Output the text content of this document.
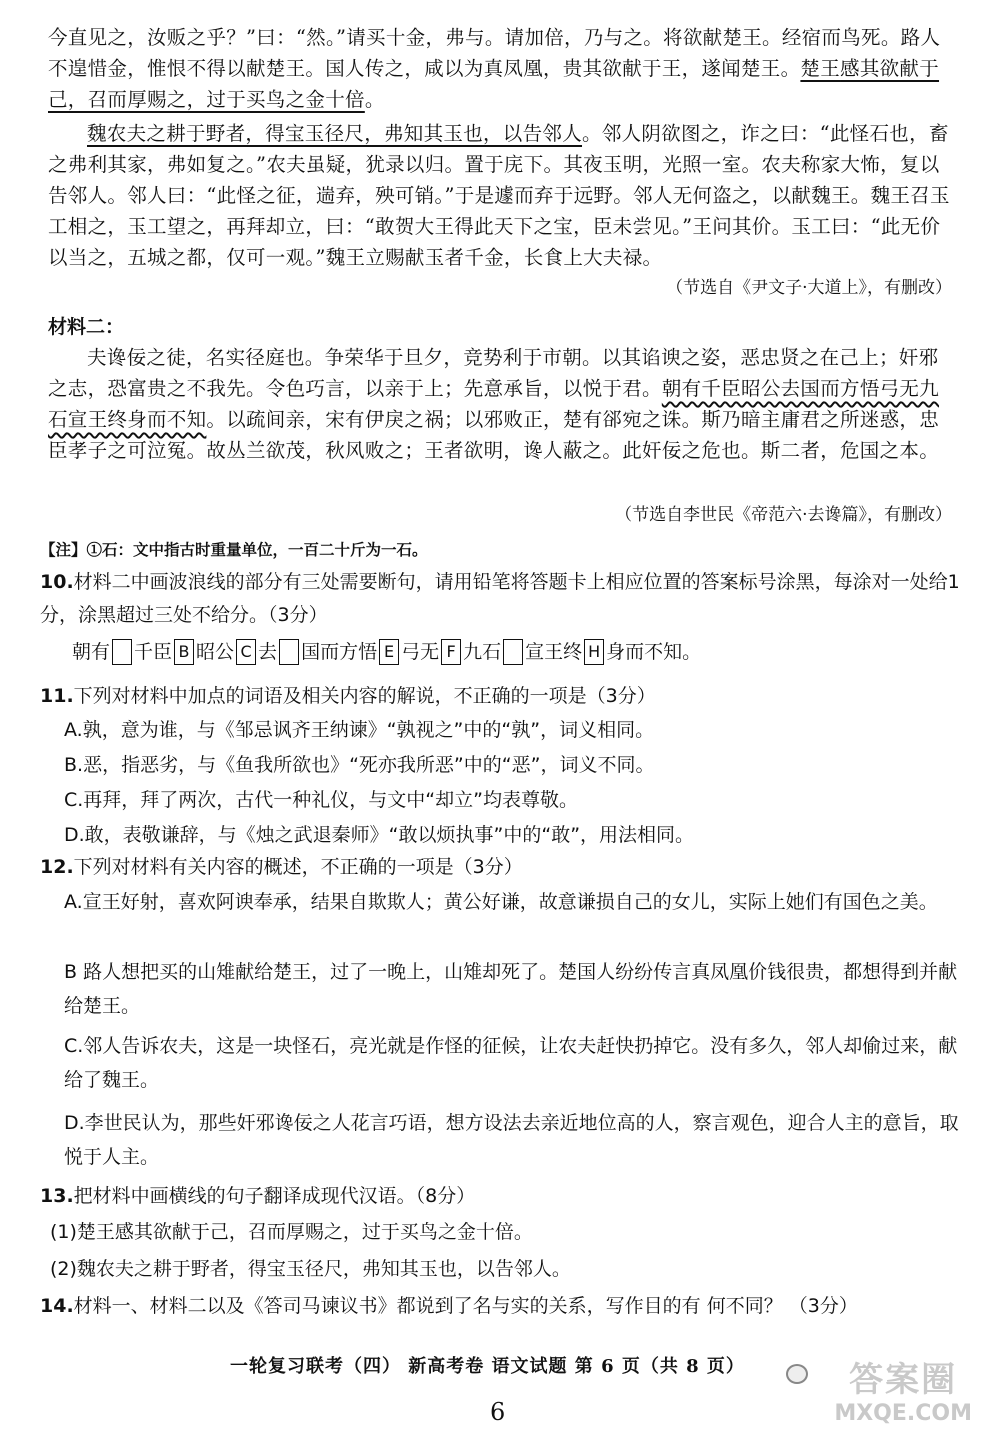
今直见之，汝贩之乎？”曰：“然。”请买十金，弗与。请加倍，乃与之。将欲献楚王。经宿而鸟死。路人不遑惜金，惟恨不得以献楚王。国人传之，咸以为真凤凰，贵其欲献于王，遂闻楚王。楚王感其欲献于己，召而厚赐之，过于买鸟之金十倍。
魏农夫之耕于野者，得宝玉径尺，弗知其玉也，以告邻人。邻人阴欲图之，诈之曰：“此怪石也，畜之弗利其家，弗如复之。”农夫虽疑，犹录以归。置于庑下。其夜玉明，光照一室。农夫称家大怖，复以告邻人。邻人曰：“此怪之征，遄弃，殃可销。”于是遽而弃于远野。邻人无何盗之，以献魏王。魏王召玉工相之，玉工望之，再拜却立，曰：“敢贺大王得此天下之宝，臣未尝见。”王问其价。玉工曰：“此无价以当之，五城之都，仅可一观。”魏王立赐献玉者千金，长食上大夫禄。
（节选自《尹文子·大道上》，有删改）
材料二：
夫谗佞之徒，名实径庭也。争荣华于旦夕，竞势利于市朝。以其谄谀之姿，恶忠贤之在己上；奸邪之志，恐富贵之不我先。令色巧言，以亲于上；先意承旨，以悦于君。朝有千臣昭公去国而方悟弓无九石宣王终身而不知。以疏间亲，宋有伊戾之祸；以邪败正，楚有郤宛之诛。斯乃暗主庸君之所迷惑，忠臣孝子之可泣冤。故丛兰欲茂，秋风败之；王者欲明，谗人蔽之。此奸佞之危也。斯二者，危国之本。
（节选自李世民《帝范六·去谗篇》，有删改）
【注】①石：文中指古时重量单位，一百二十斤为一石。
10.材料二中画波浪线的部分有三处需要断句，请用铅笔将答题卡上相应位置的答案标号涂黑，每涂对一处给1分，涂黑超过三处不给分。（3分）
朝有 千臣 B 昭公 C 去 国而方悟 E 弓无 F 九石 宣王终 H 身而不知。
11.下列对材料中加点的词语及相关内容的解说，不正确的一项是（3分）
A.孰，意为谁，与《邹忌讽齐王纳谏》“孰视之”中的“孰”，词义相同。
B.恶，指恶劣，与《鱼我所欲也》“死亦我所恶”中的“恶”，词义不同。
C.再拜，拜了两次，古代一种礼仪，与文中“却立”均表尊敬。
D.敢，表敬谦辞，与《烛之武退秦师》“敢以烦执事”中的“敢”，用法相同。
12.下列对材料有关内容的概述，不正确的一项是（3分）
A.宣王好射，喜欢阿谀奉承，结果自欺欺人；黄公好谦，故意谦损自己的女儿，实际上她们有国色之美。
B 路人想把买的山雉献给楚王，过了一晚上，山雉却死了。楚国人纷纷传言真凤凰价钱很贵，都想得到并献给楚王。
C.邻人告诉农夫，这是一块怪石，亮光就是作怪的征候，让农夫赶快扔掉它。没有多久，邻人却偷过来，献给了魏王。
D.李世民认为，那些奸邪谗佞之人花言巧语，想方设法去亲近地位高的人，察言观色，迎合人主的意旨，取悦于人主。
13.把材料中画横线的句子翻译成现代汉语。（8分）
(1)楚王感其欲献于己，召而厚赐之，过于买鸟之金十倍。
(2)魏农夫之耕于野者，得宝玉径尺，弗知其玉也，以告邻人。
14.材料一、材料二以及《答司马谏议书》都说到了名与实的关系，写作目的有 何不同？ （3分）
一轮复习联考（四） 新高考卷 语文试题 第 6 页（共 8 页）
6
答案圈
MXQE.COM
